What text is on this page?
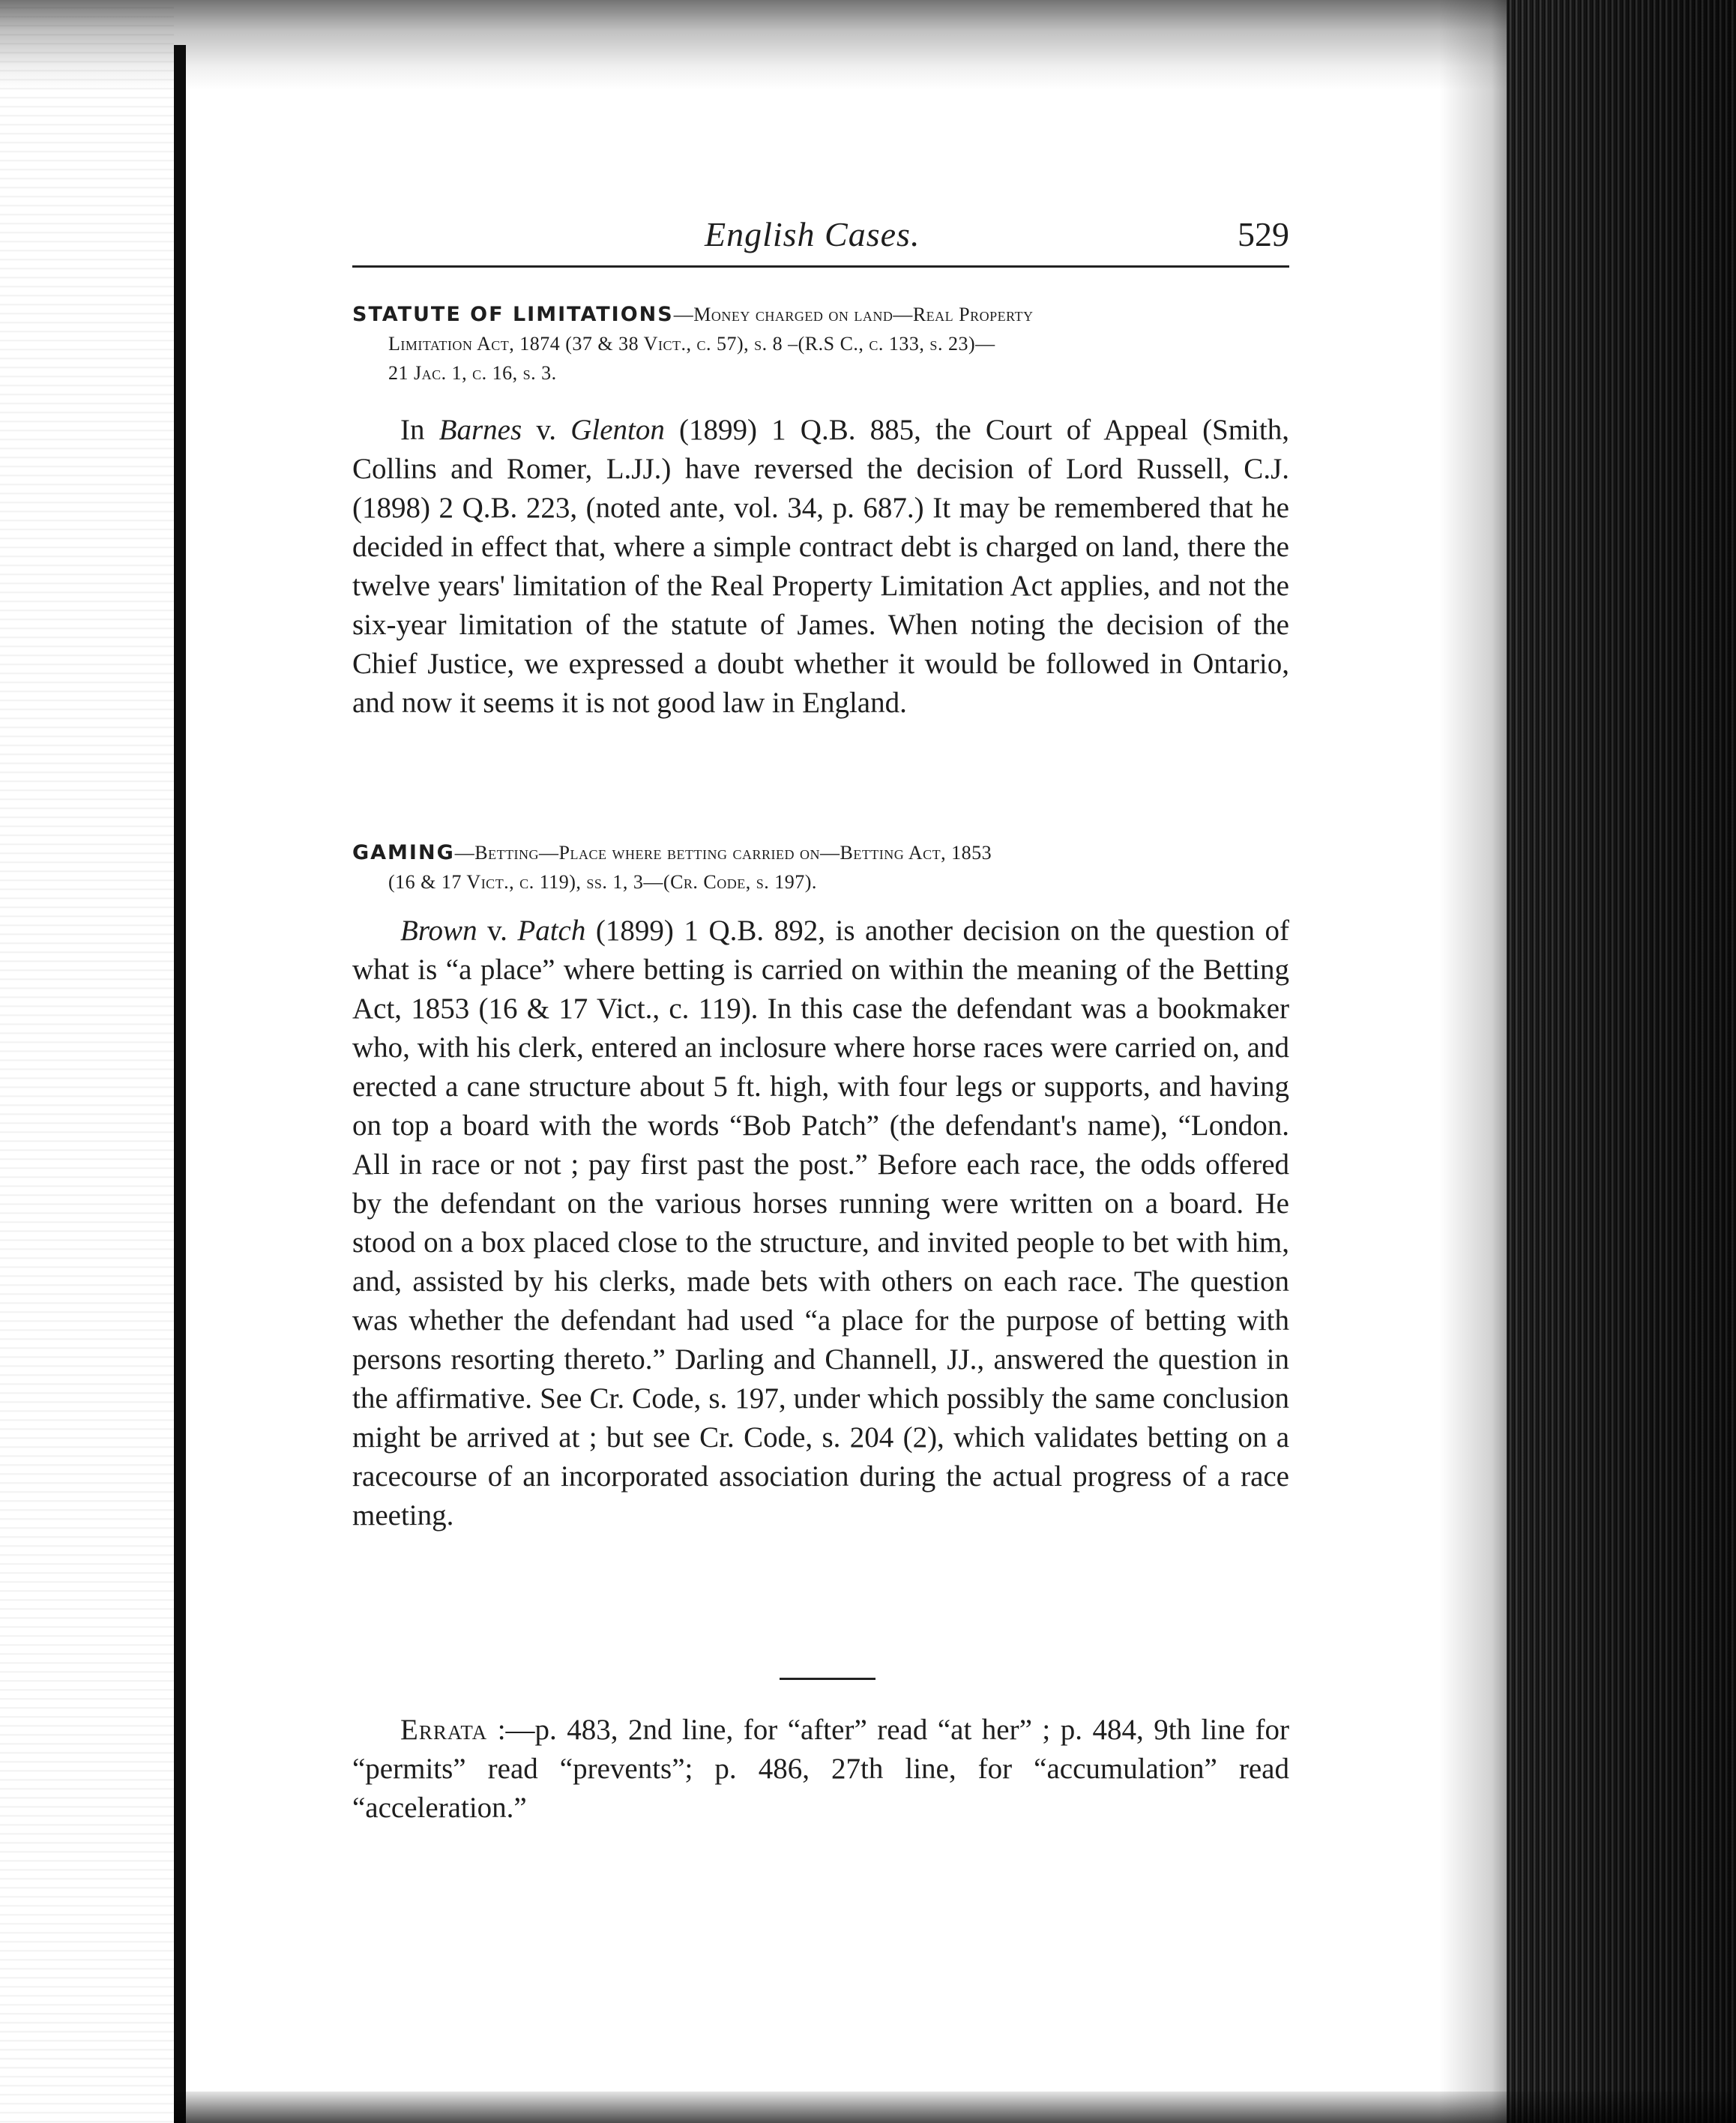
English Cases.	529
STATUTE OF LIMITATIONS—Money charged on land—Real Property
Limitation Act, 1874 (37 & 38 Vict., c. 57), s. 8 –(R.S C., c. 133, s. 23)—
21 Jac. 1, c. 16, s. 3.

In Barnes v. Glenton (1899) 1 Q.B. 885, the Court of Appeal (Smith, Collins and Romer, L.JJ.) have reversed the decision of Lord Russell, C.J. (1898) 2 Q.B. 223, (noted ante, vol. 34, p. 687.) It may be remembered that he decided in effect that, where a simple contract debt is charged on land, there the twelve years' limitation of the Real Property Limitation Act applies, and not the six-year limitation of the statute of James. When noting the decision of the Chief Justice, we expressed a doubt whether it would be followed in Ontario, and now it seems it is not good law in England.

GAMING—Betting—Place where betting carried on—Betting Act, 1853
(16 & 17 Vict., c. 119), ss. 1, 3—(Cr. Code, s. 197).

Brown v. Patch (1899) 1 Q.B. 892, is another decision on the question of what is “a place” where betting is carried on within the meaning of the Betting Act, 1853 (16 & 17 Vict., c. 119). In this case the defendant was a bookmaker who, with his clerk, entered an inclosure where horse races were carried on, and erected a cane structure about 5 ft. high, with four legs or supports, and having on top a board with the words “Bob Patch” (the defendant's name), “London. All in race or not ; pay first past the post.” Before each race, the odds offered by the defendant on the various horses running were written on a board. He stood on a box placed close to the structure, and invited people to bet with him, and, assisted by his clerks, made bets with others on each race. The question was whether the defendant had used “a place for the purpose of betting with persons resorting thereto.” Darling and Channell, JJ., answered the question in the affirmative. See Cr. Code, s. 197, under which possibly the same conclusion might be arrived at ; but see Cr. Code, s. 204 (2), which validates betting on a racecourse of an incorporated association during the actual progress of a race meeting.

Errata :—p. 483, 2nd line, for “after” read “at her” ; p. 484, 9th line for “permits” read “prevents”; p. 486, 27th line, for “accumulation” read “acceleration.”
